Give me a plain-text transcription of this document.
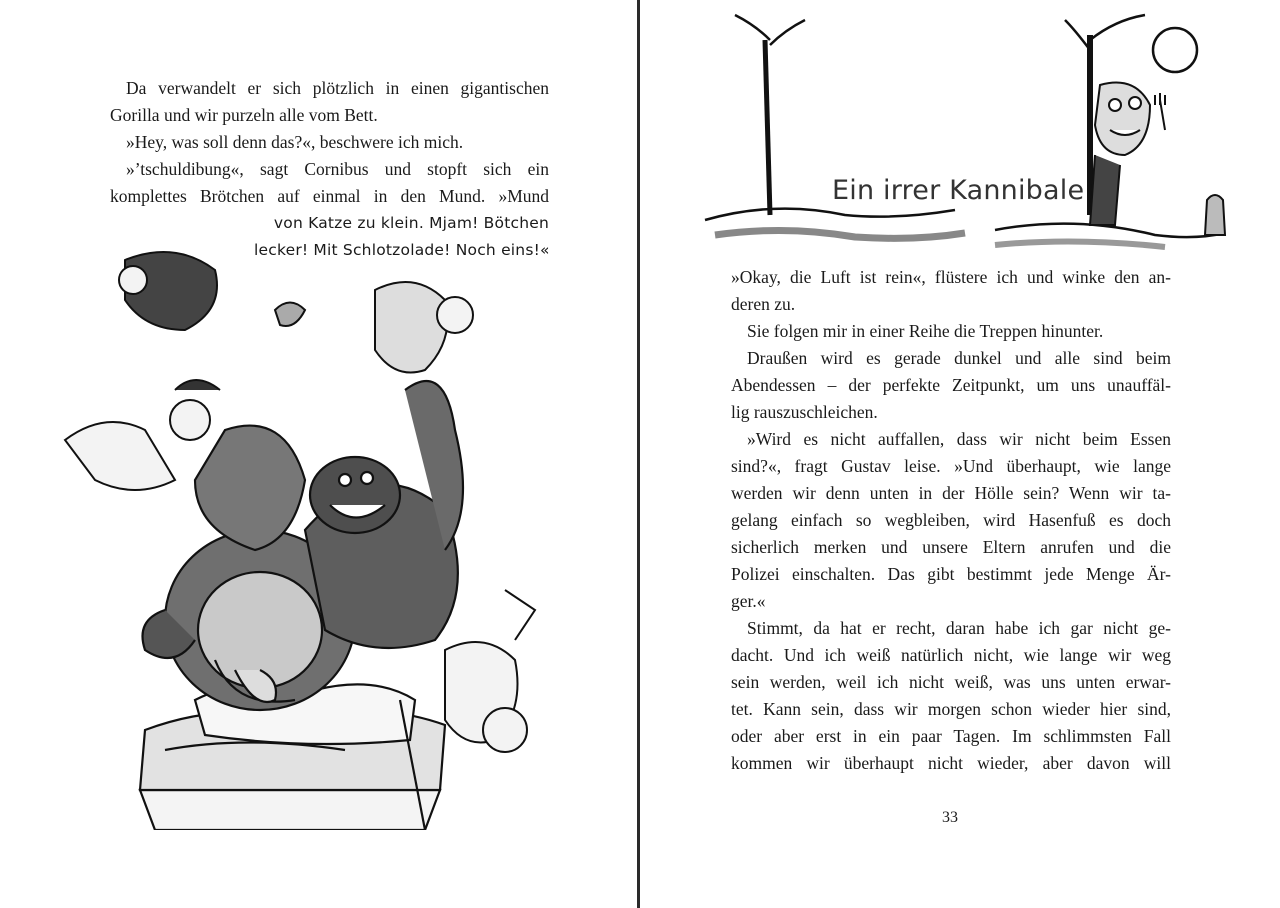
Da verwandelt er sich plötzlich in einen gigantischen
Gorilla und wir purzeln alle vom Bett.
»Hey, was soll denn das?«, beschwere ich mich.
»’tschuldibung«, sagt Cornibus und stopft sich ein
komplettes Brötchen auf einmal in den Mund. »Mund
von Katze zu klein. Mjam! Bötchen
lecker! Mit Schlotzolade! Noch eins!«
Ein irrer Kannibale
»Okay, die Luft ist rein«, flüstere ich und winke den an-
deren zu.
Sie folgen mir in einer Reihe die Treppen hinunter.
Draußen wird es gerade dunkel und alle sind beim
Abendessen – der perfekte Zeitpunkt, um uns unauffäl-
lig rauszuschleichen.
»Wird es nicht auffallen, dass wir nicht beim Essen
sind?«, fragt Gustav leise. »Und überhaupt, wie lange
werden wir denn unten in der Hölle sein? Wenn wir ta-
gelang einfach so wegbleiben, wird Hasenfuß es doch
sicherlich merken und unsere Eltern anrufen und die
Polizei einschalten. Das gibt bestimmt jede Menge Är-
ger.«
Stimmt, da hat er recht, daran habe ich gar nicht ge-
dacht. Und ich weiß natürlich nicht, wie lange wir weg
sein werden, weil ich nicht weiß, was uns unten erwar-
tet. Kann sein, dass wir morgen schon wieder hier sind,
oder aber erst in ein paar Tagen. Im schlimmsten Fall
kommen wir überhaupt nicht wieder, aber davon will
33
